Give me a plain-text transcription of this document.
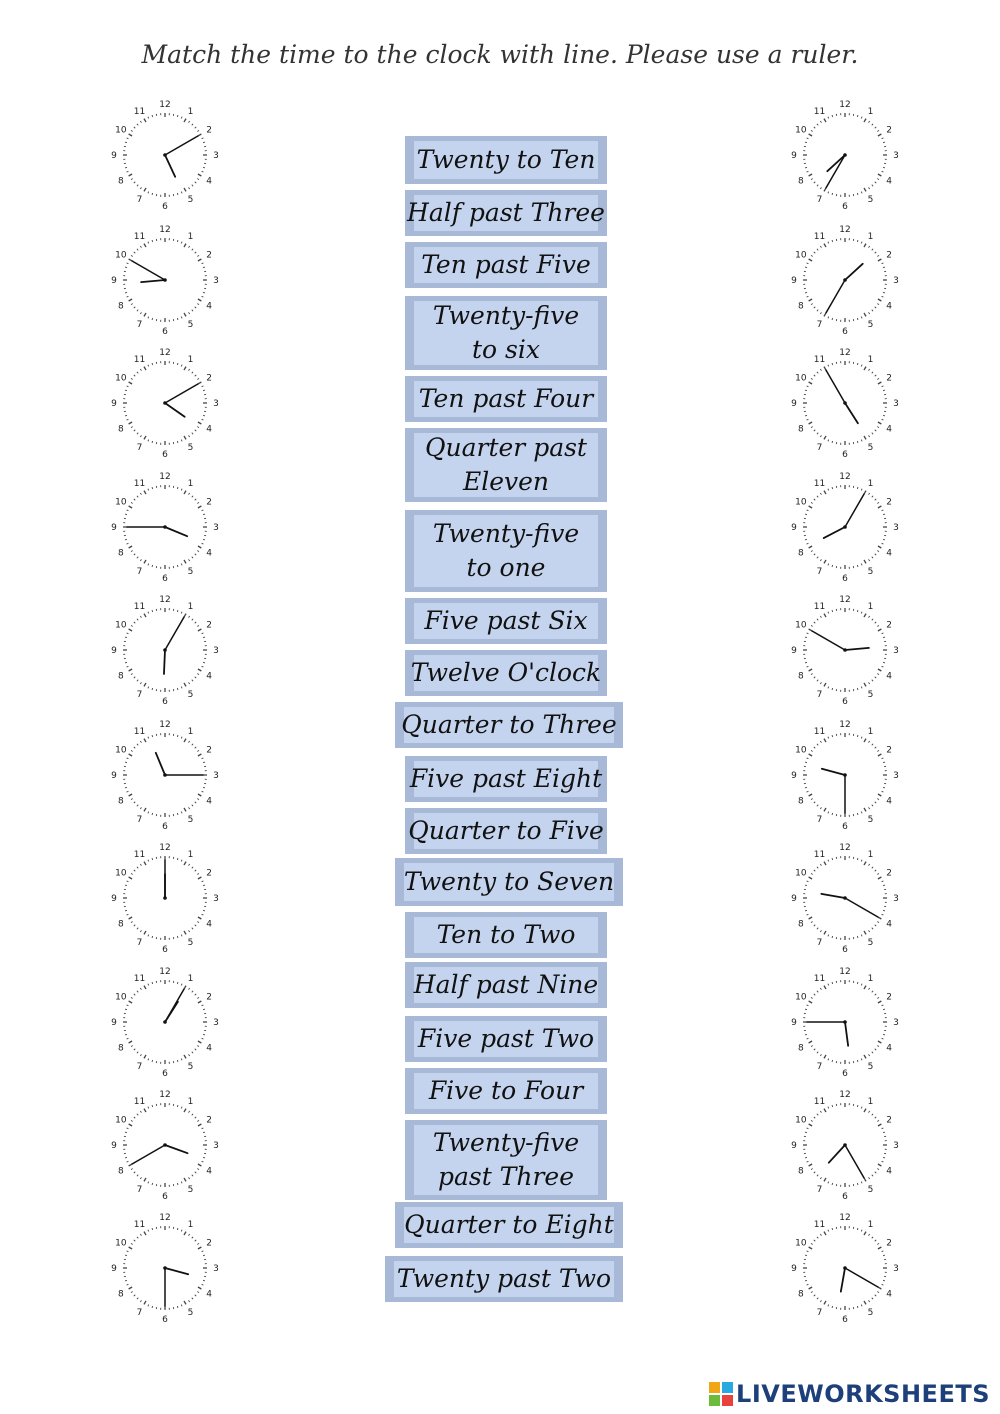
Match the time to the clock with line. Please use a ruler.
12
1
2
3
4
5
6
7
8
9
10
11
12
1
2
3
4
5
6
7
8
9
10
11
12
1
2
3
4
5
6
7
8
9
10
11
12
1
2
3
4
5
6
7
8
9
10
11
12
1
2
3
4
5
6
7
8
9
10
11
12
1
2
3
4
5
6
7
8
9
10
11
12
1
2
3
4
5
6
7
8
9
10
11
12
1
2
3
4
5
6
7
8
9
10
11
12
1
2
3
4
5
6
7
8
9
10
11
12
1
2
3
4
5
6
7
8
9
10
11
Twenty to Ten
Half past Three
Ten past Five
Twenty-five
to six
Ten past Four
Quarter past
Eleven
Twenty-five
to one
Five past Six
Twelve O'clock
Quarter to Three
Five past Eight
Quarter to Five
Twenty to Seven
Ten to Two
Half past Nine
Five past Two
Five to Four
Twenty-five
past Three
Quarter to Eight
Twenty past Two
12
1
2
3
4
5
6
7
8
9
10
11
12
1
2
3
4
5
6
7
8
9
10
11
12
1
2
3
4
5
6
7
8
9
10
11
12
1
2
3
4
5
6
7
8
9
10
11
12
1
2
3
4
5
6
7
8
9
10
11
12
1
2
3
4
5
6
7
8
9
10
11
12
1
2
3
4
5
6
7
8
9
10
11
12
1
2
3
4
5
6
7
8
9
10
11
12
1
2
3
4
5
6
7
8
9
10
11
12
1
2
3
4
5
6
7
8
9
10
11
LIVEWORKSHEETS
